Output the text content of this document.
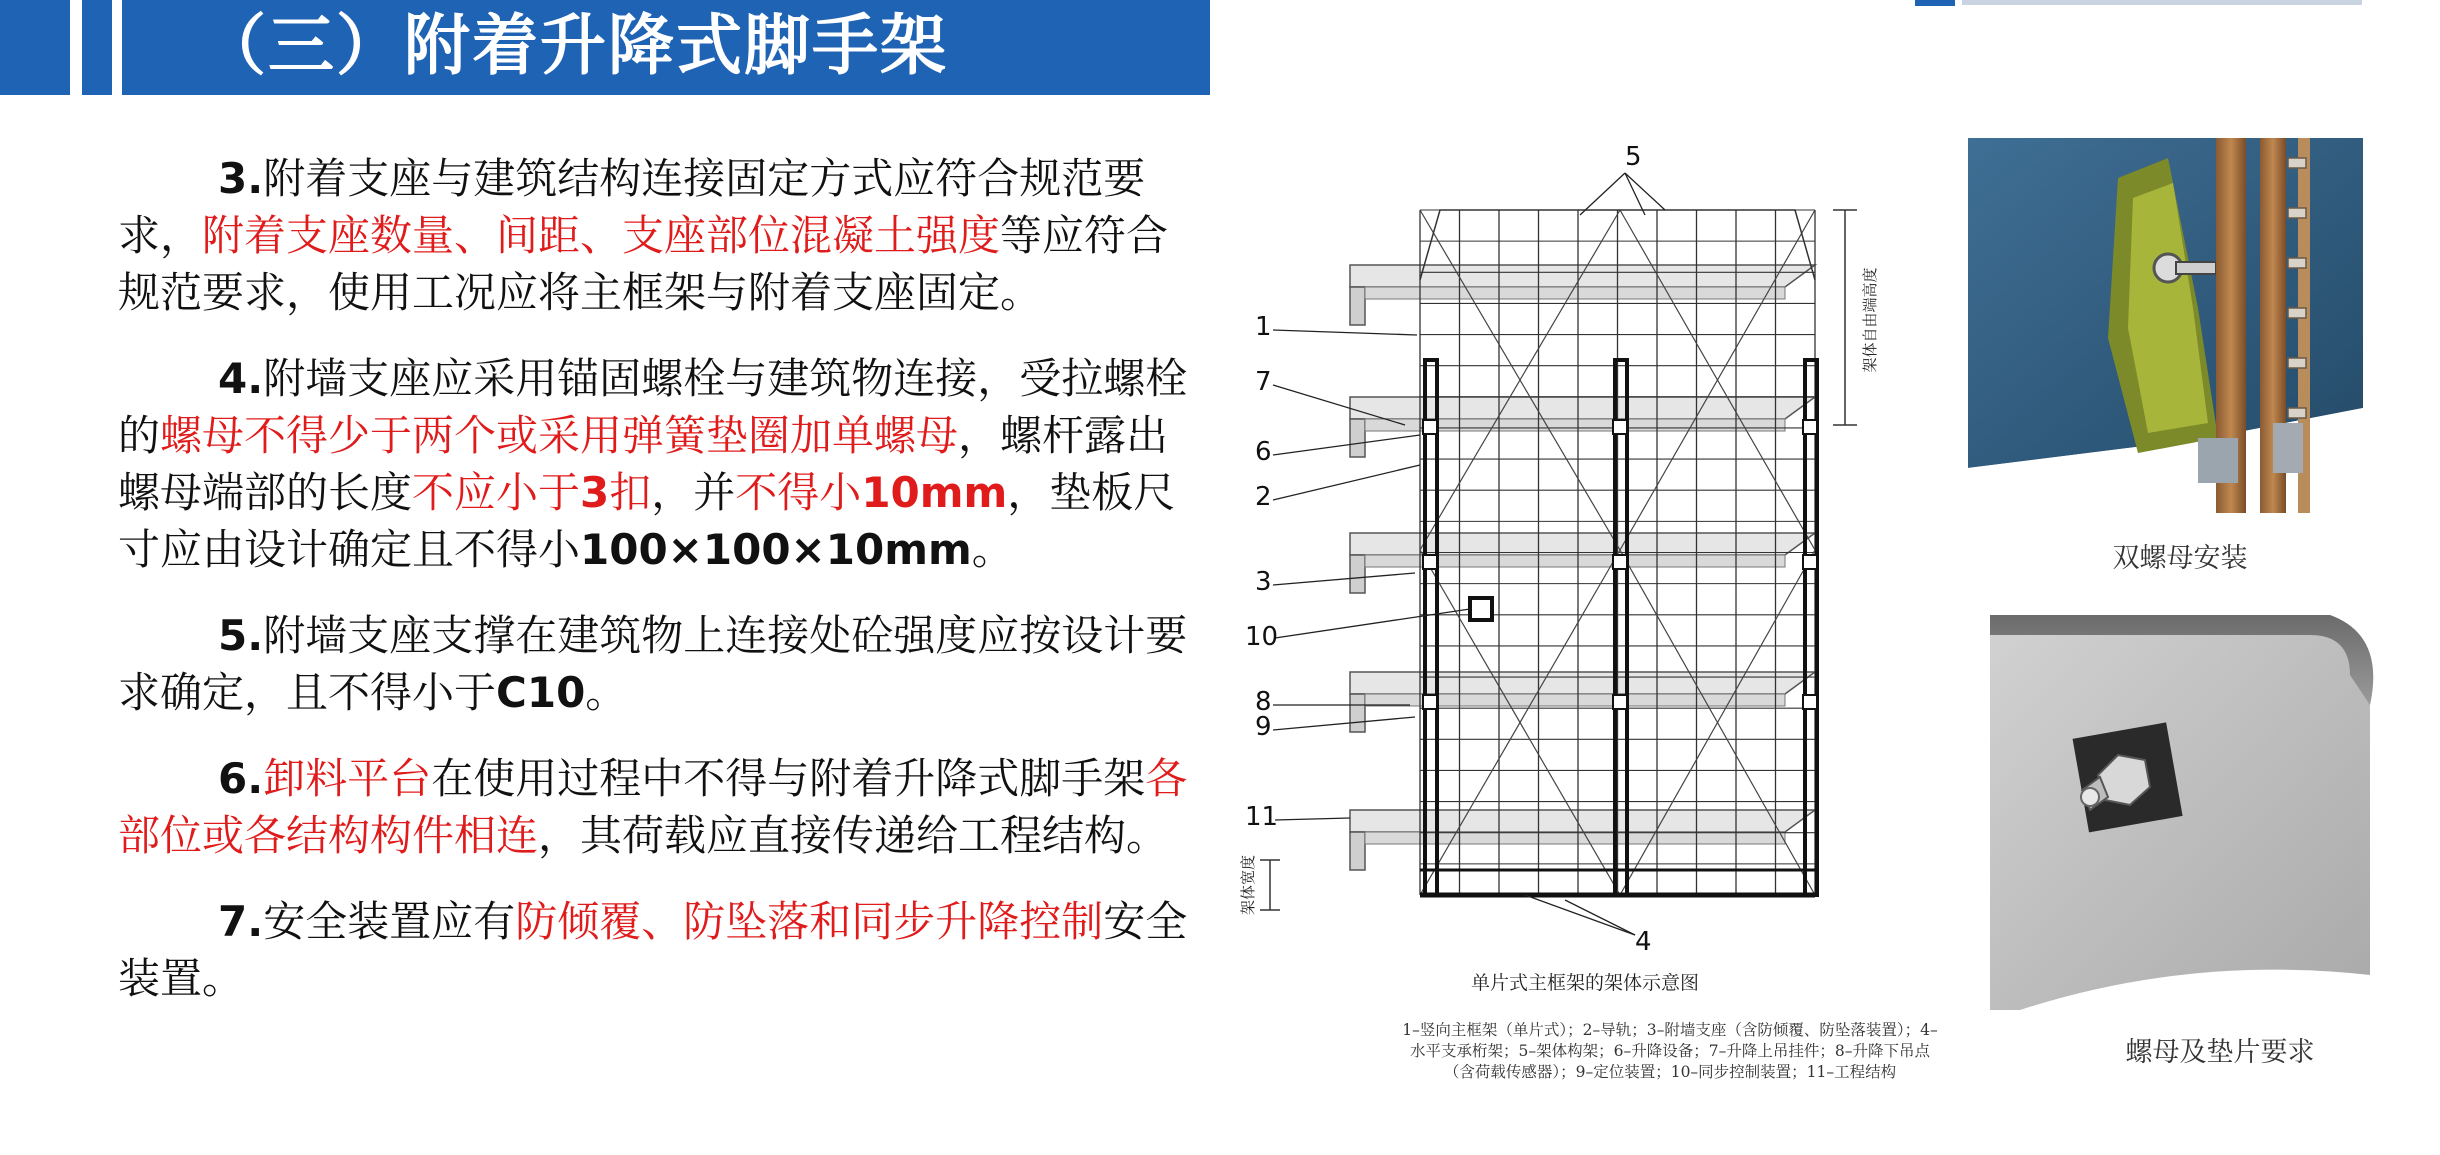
（三）附着升降式脚手架

3.附着支座与建筑结构连接固定方式应符合规范要求，附着支座数量、间距、支座部位混凝土强度等应符合规范要求，使用工况应将主框架与附着支座固定。

4.附墙支座应采用锚固螺栓与建筑物连接，受拉螺栓的螺母不得少于两个或采用弹簧垫圈加单螺母，螺杆露出螺母端部的长度不应小于3扣，并不得小10mm，垫板尺寸应由设计确定且不得小100×100×10mm。

5.附墙支座支撑在建筑物上连接处砼强度应按设计要求确定，且不得小于C10。

6.卸料平台在使用过程中不得与附着升降式脚手架各部位或各结构构件相连，其荷载应直接传递给工程结构。

7.安全装置应有防倾覆、防坠落和同步升降控制安全装置。

架体自由端高度
架体宽度
5
1
7
6
2
3
10
8
9
11
4
单片式主框架的架体示意图
1–竖向主框架（单片式）；2–导轨；3–附墙支座（含防倾覆、防坠落装置）；4–水平支承桁架；5–架体构架；6–升降设备；7–升降上吊挂件；8–升降下吊点（含荷载传感器）；9–定位装置；10–同步控制装置；11–工程结构
双螺母安装
螺母及垫片要求
